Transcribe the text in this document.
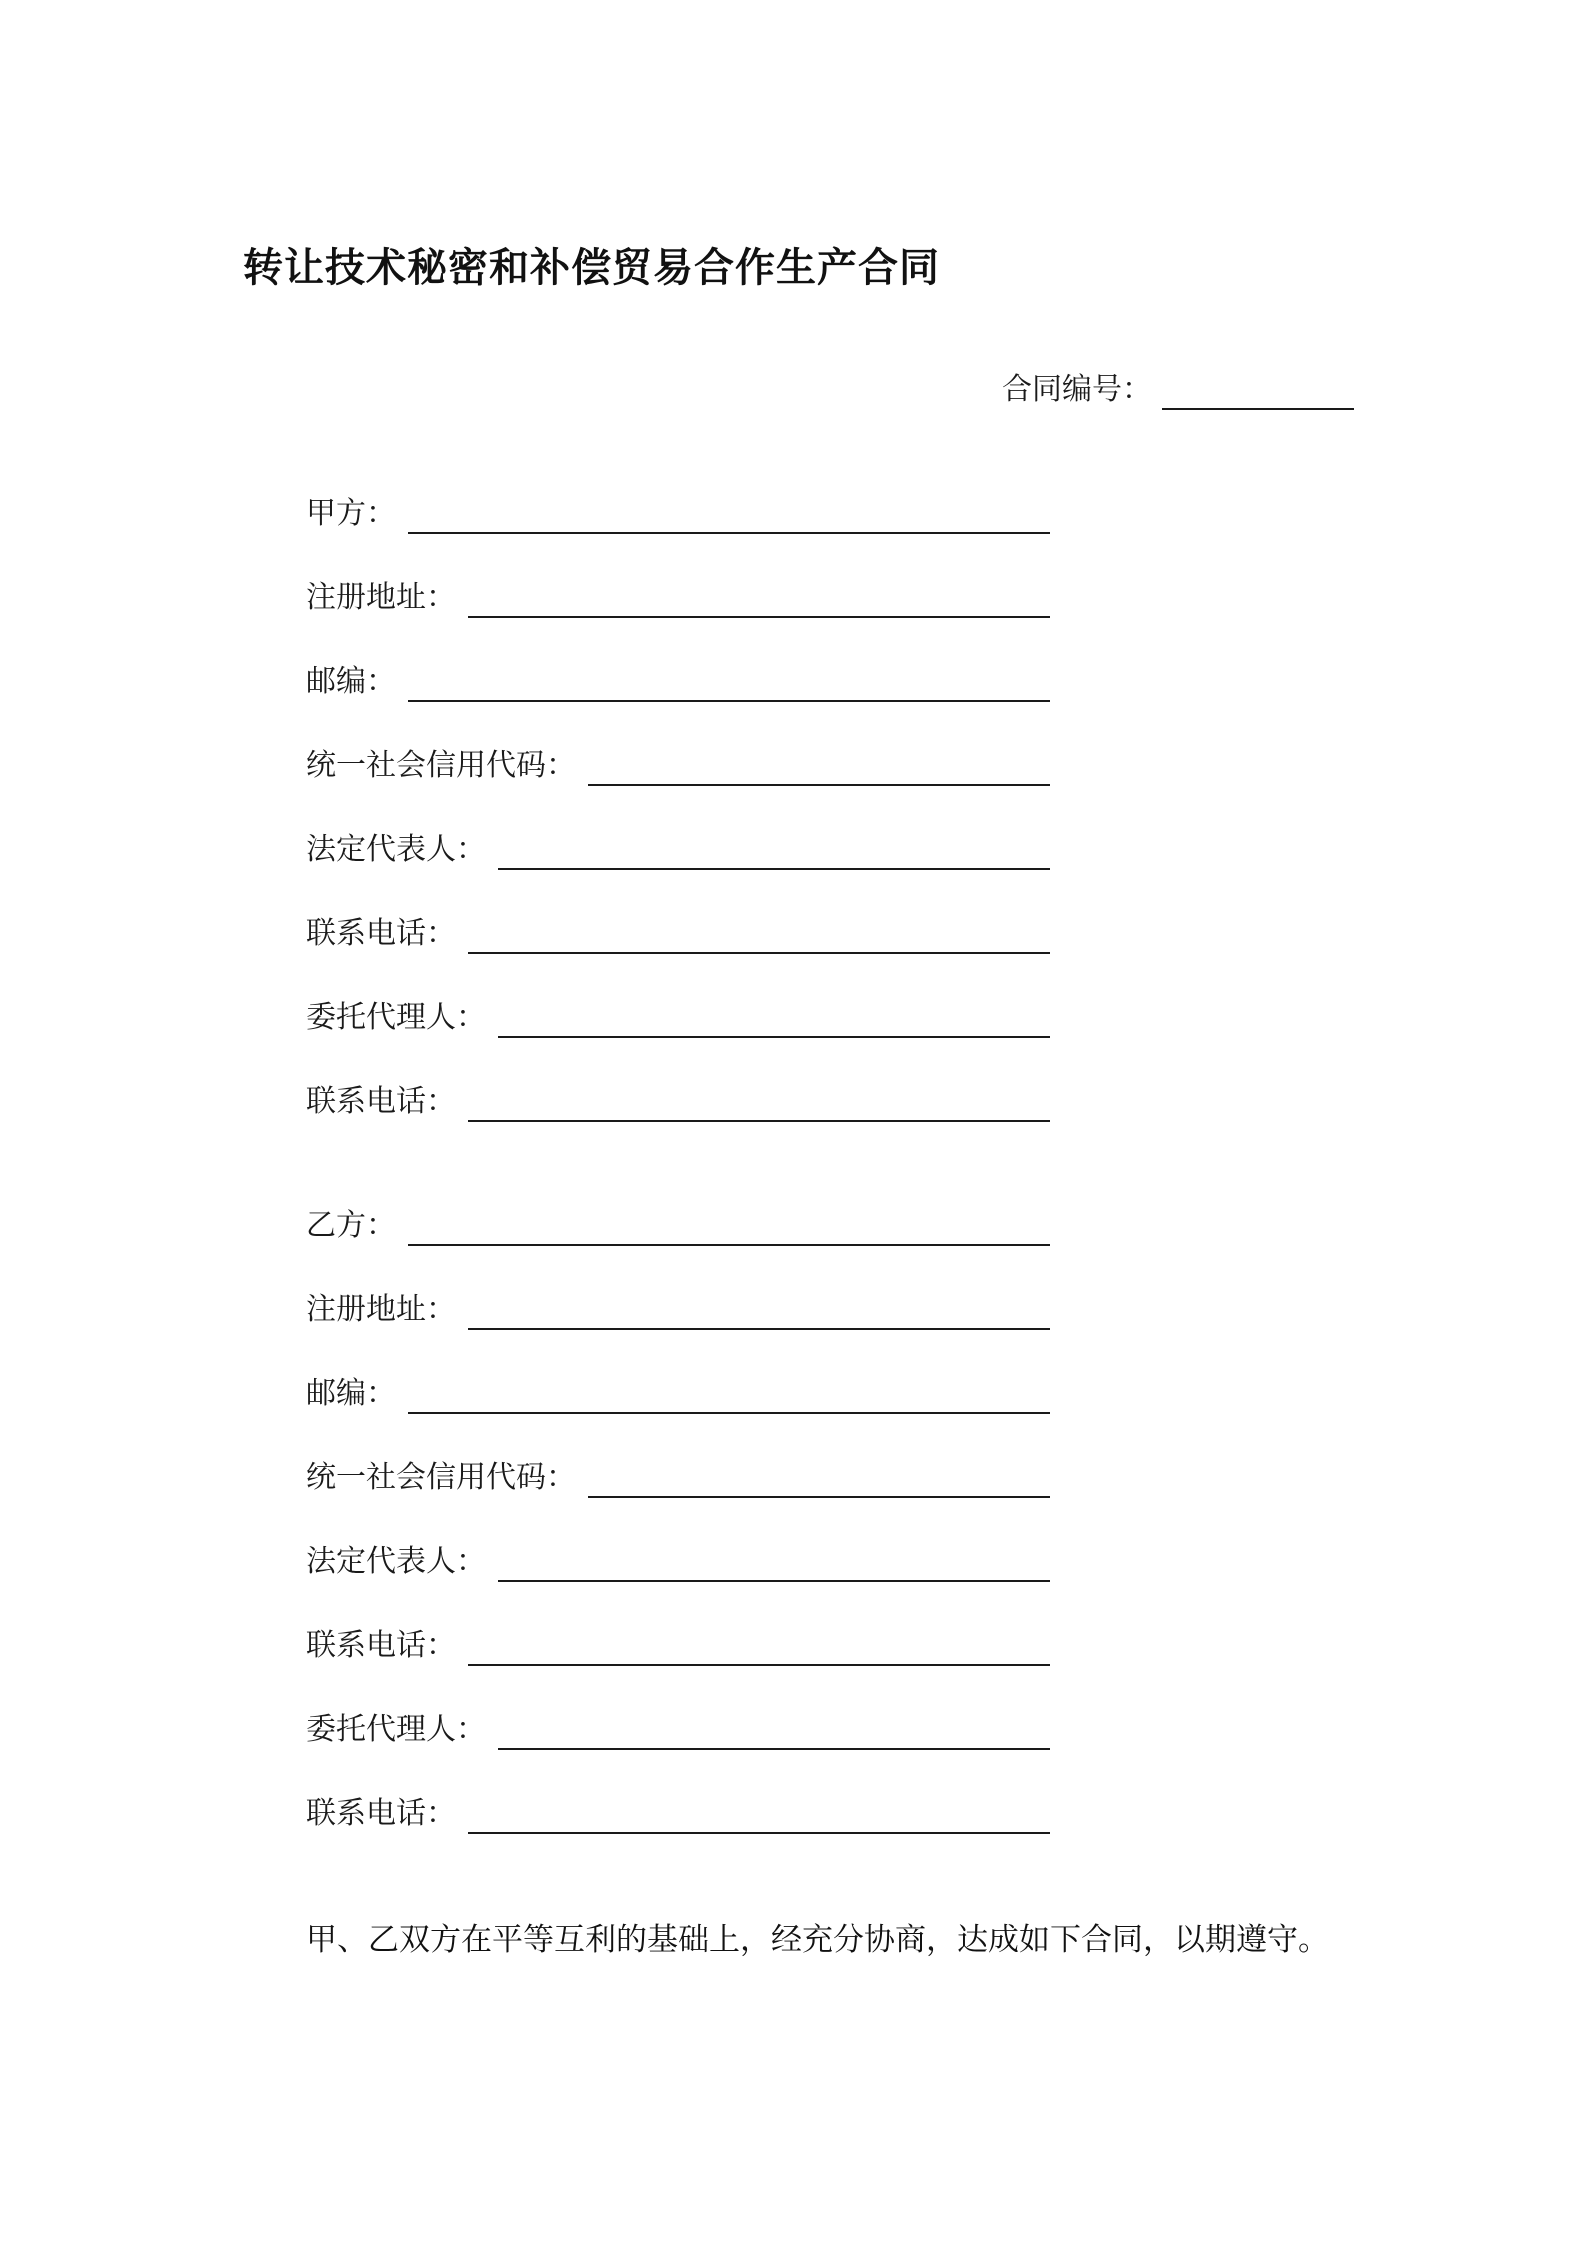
转让技术秘密和补偿贸易合作生产合同
合同编号：
甲方：
注册地址：
邮编：
统一社会信用代码：
法定代表人：
联系电话：
委托代理人：
联系电话：
乙方：
注册地址：
邮编：
统一社会信用代码：
法定代表人：
联系电话：
委托代理人：
联系电话：
甲、乙双方在平等互利的基础上，经充分协商，达成如下合同，以期遵守。
